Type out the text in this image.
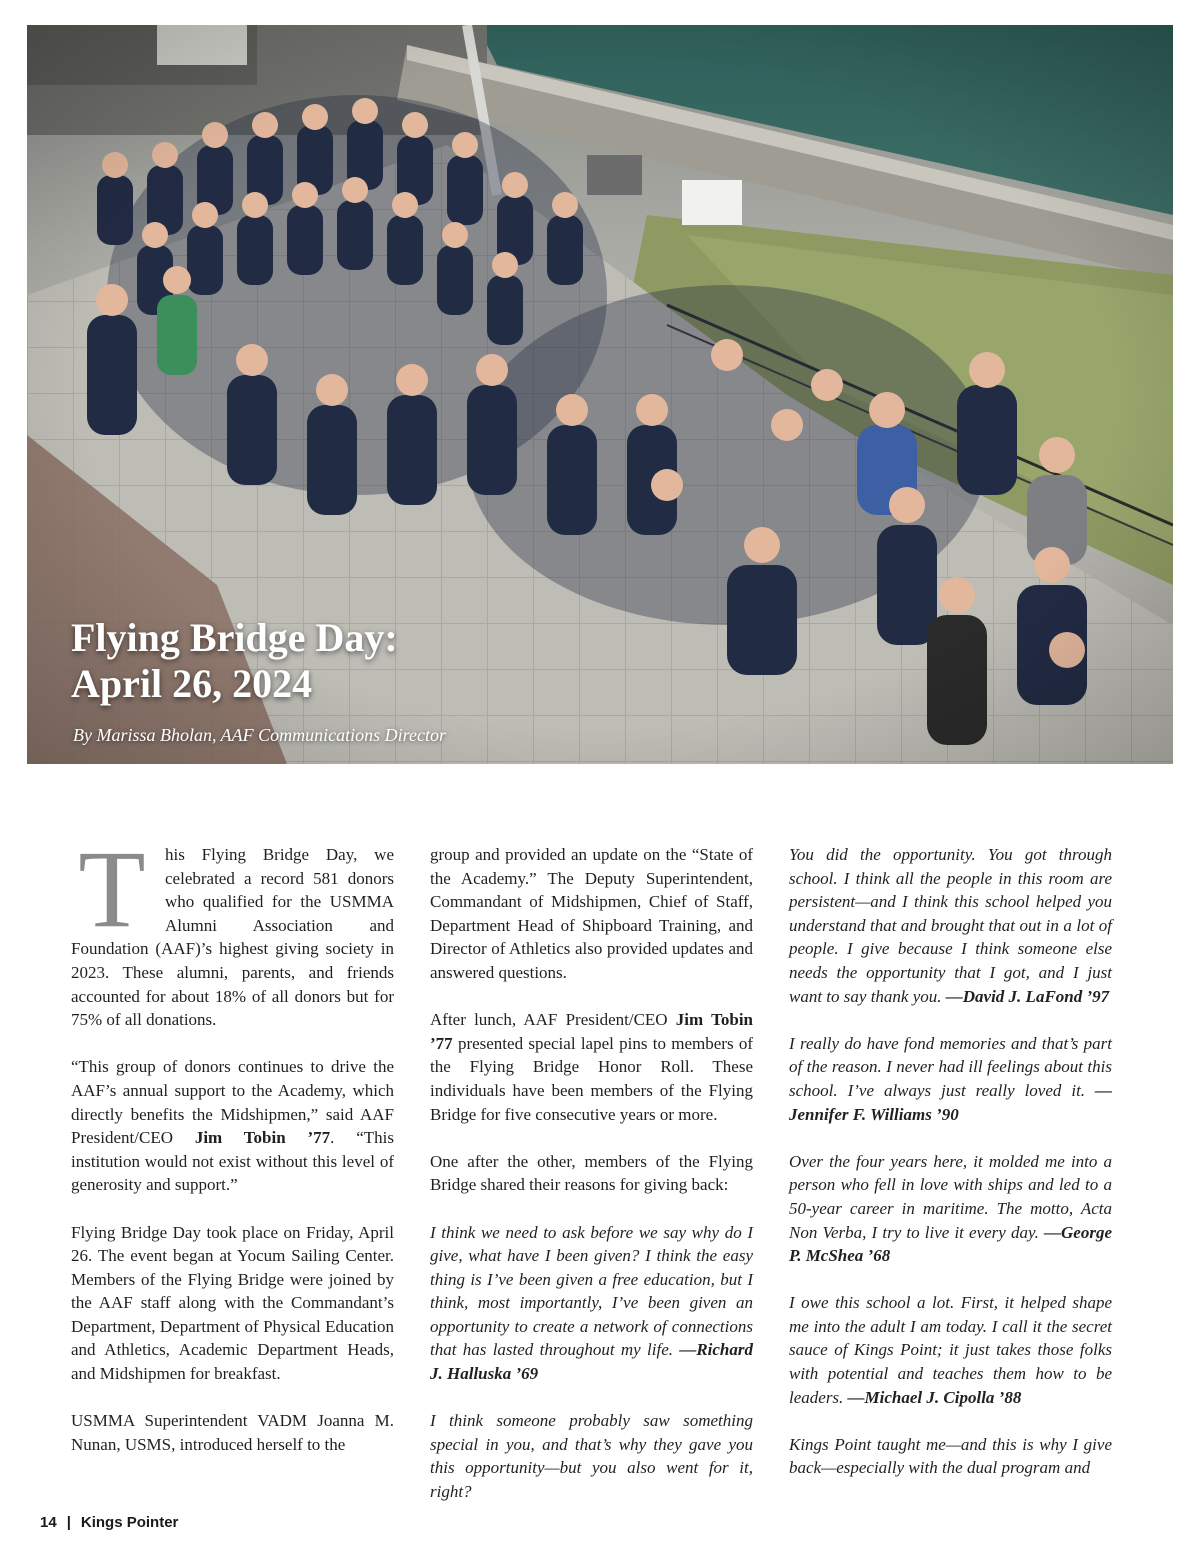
Flying Bridge Day:
April 26, 2024
By Marissa Bholan, AAF Communications Director

T	his Flying Bridge Day, we celebrated a record 581 donors who qualified for the USMMA Alumni Association and Foundation (AAF)’s highest giving society in 2023. These alumni, parents, and friends accounted for about 18% of all donors but for 75% of all donations.

“This group of donors continues to drive the AAF’s annual support to the Academy, which directly benefits the Midshipmen,” said AAF President/CEO Jim Tobin ’77. “This institution would not exist without this level of generosity and support.”

Flying Bridge Day took place on Friday, April 26. The event began at Yocum Sailing Center. Members of the Flying Bridge were joined by the AAF staff along with the Commandant’s Department, Department of Physical Education and Athletics, Academic Department Heads, and Midshipmen for breakfast.

USMMA Superintendent VADM Joanna M. Nunan, USMS, introduced herself to the

group and provided an update on the “State of the Academy.” The Deputy Superintendent, Commandant of Midshipmen, Chief of Staff, Department Head of Shipboard Training, and Director of Athletics also provided updates and answered questions.

After lunch, AAF President/CEO Jim Tobin ’77 presented special lapel pins to members of the Flying Bridge Honor Roll. These individuals have been members of the Flying Bridge for five consecutive years or more.

One after the other, members of the Flying Bridge shared their reasons for giving back:

I think we need to ask before we say why do I give, what have I been given? I think the easy thing is I’ve been given a free education, but I think, most importantly, I’ve been given an opportunity to create a network of connections that has lasted throughout my life. —Richard J. Halluska ’69

I think someone probably saw something special in you, and that’s why they gave you this opportunity—but you also went for it, right?

You did the opportunity. You got through school. I think all the people in this room are persistent—and I think this school helped you understand that and brought that out in a lot of people. I give because I think someone else needs the opportunity that I got, and I just want to say thank you. —David J. LaFond ’97

I really do have fond memories and that’s part of the reason. I never had ill feelings about this school. I’ve always just really loved it. —Jennifer F. Williams ’90

Over the four years here, it molded me into a person who fell in love with ships and led to a 50-year career in maritime. The motto, Acta Non Verba, I try to live it every day. —George P. McShea ’68

I owe this school a lot. First, it helped shape me into the adult I am today. I call it the secret sauce of Kings Point; it just takes those folks with potential and teaches them how to be leaders. —Michael J. Cipolla ’88

Kings Point taught me—and this is why I give back—especially with the dual program and

14 | Kings Pointer
